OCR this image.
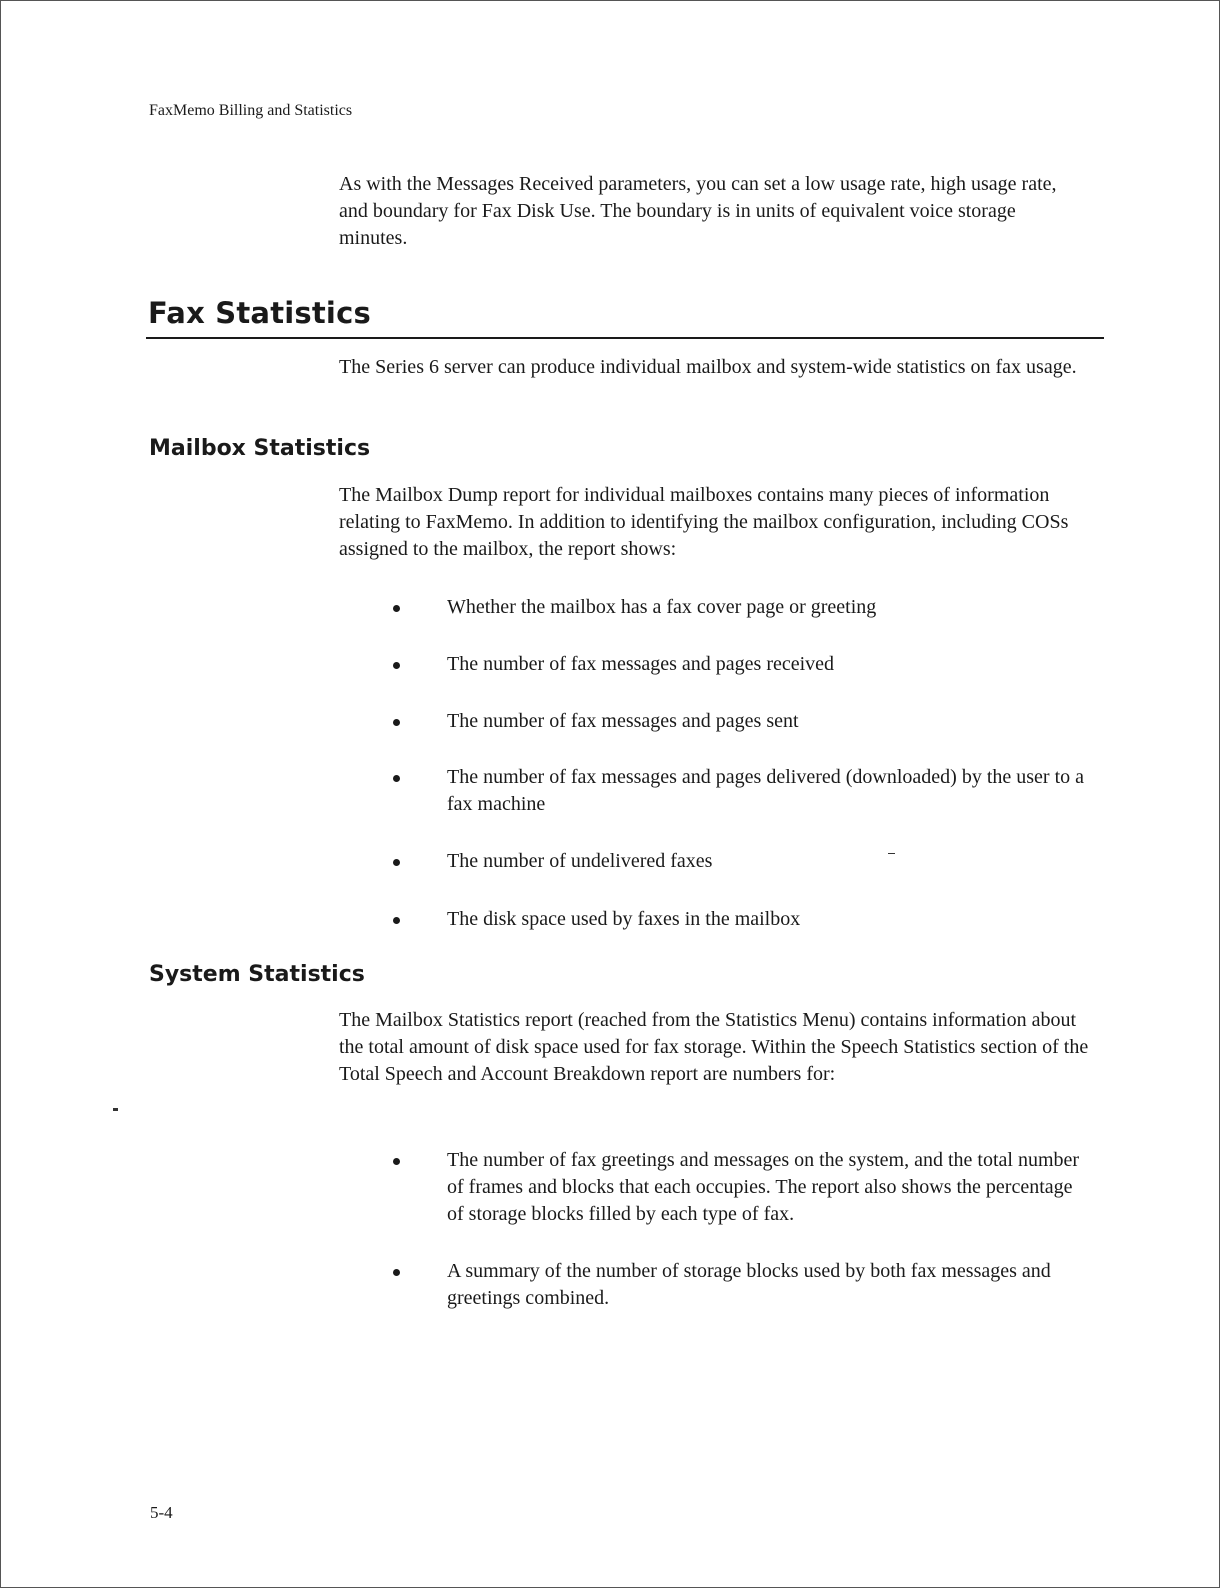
FaxMemo Billing and Statistics

As with the Messages Received parameters, you can set a low usage rate, high usage rate, and boundary for Fax Disk Use. The boundary is in units of equivalent voice storage minutes.

Fax Statistics

The Series 6 server can produce individual mailbox and system-wide statistics on fax usage.

Mailbox Statistics

The Mailbox Dump report for individual mailboxes contains many pieces of information relating to FaxMemo. In addition to identifying the mailbox configuration, including COSs assigned to the mailbox, the report shows:

Whether the mailbox has a fax cover page or greeting
The number of fax messages and pages received
The number of fax messages and pages sent
The number of fax messages and pages delivered (downloaded) by the user to a fax machine
The number of undelivered faxes
The disk space used by faxes in the mailbox
System Statistics

The Mailbox Statistics report (reached from the Statistics Menu) contains information about the total amount of disk space used for fax storage. Within the Speech Statistics section of the Total Speech and Account Breakdown report are numbers for:

The number of fax greetings and messages on the system, and the total number of frames and blocks that each occupies. The report also shows the percentage of storage blocks filled by each type of fax.
A summary of the number of storage blocks used by both fax messages and greetings combined.
5-4
